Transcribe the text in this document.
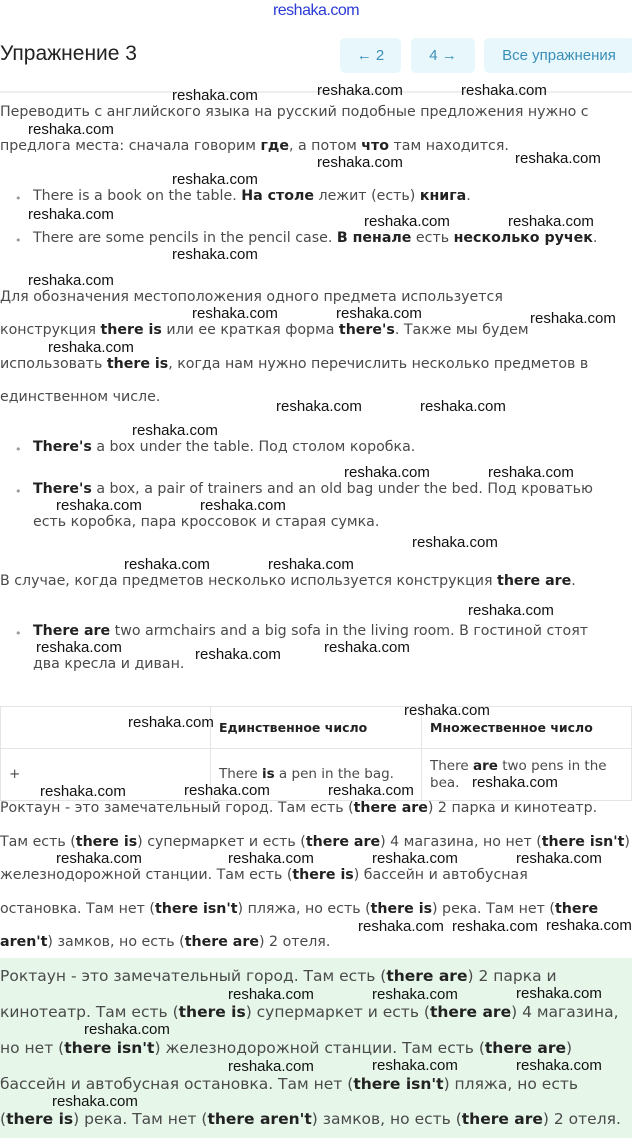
reshaka.com
Упражнение 3	← 2	4 →	Все упражнения
Переводить с английского языка на русский подобные предложения нужно с
предлога места: сначала говорим где, а потом что там находится.
• There is a book on the table. На столе лежит (есть) книга.
• There are some pencils in the pencil case. В пенале есть несколько ручек.
Для обозначения местоположения одного предмета используется
конструкция there is или ее краткая форма there's. Также мы будем
использовать there is, когда нам нужно перечислить несколько предметов в
единственном числе.
• There's a box under the table. Под столом коробка.
• There's a box, a pair of trainers and an old bag under the bed. Под кроватью
есть коробка, пара кроссовок и старая сумка.
В случае, когда предметов несколько используется конструкция there are.
• There are two armchairs and a big sofa in the living room. В гостиной стоят
два кресла и диван.
Роктаун - это замечательный город. Там есть (there are) 2 парка и кинотеатр.
Там есть (there is) супермаркет и есть (there are) 4 магазина, но нет (there isn't)
железнодорожной станции. Там есть (there is) бассейн и автобусная
остановка. Там нет (there isn't) пляжа, но есть (there is) река. Там нет (there
aren't) замков, но есть (there are) 2 отеля.
Роктаун - это замечательный город. Там есть (there are) 2 парка и
кинотеатр. Там есть (there is) супермаркет и есть (there are) 4 магазина,
но нет (there isn't) железнодорожной станции. Там есть (there are)
бассейн и автобусная остановка. Там нет (there isn't) пляжа, но есть
(there is) река. Там нет (there aren't) замков, но есть (there are) 2 отеля.
	Единственное число	Множественное число
+	There is a pen in the bag.	There are two pens in the bea.
reshaka.com	reshaka.com	reshaka.com
reshaka.com
reshaka.com	reshaka.com
reshaka.com
reshaka.com	reshaka.com	reshaka.com
reshaka.com
reshaka.com
reshaka.com	reshaka.com	reshaka.com
reshaka.com
reshaka.com	reshaka.com
reshaka.com
reshaka.com	reshaka.com
reshaka.com	reshaka.com
reshaka.com
reshaka.com	reshaka.com
reshaka.com
reshaka.com	reshaka.com	reshaka.com
reshaka.com
reshaka.com
reshaka.com	reshaka.com
reshaka.com	reshaka.com
reshaka.com	reshaka.com	reshaka.com	reshaka.com
reshaka.com reshaka.com reshaka.com
reshaka.com	reshaka.com	reshaka.com
reshaka.com
reshaka.com	reshaka.com	reshaka.com
reshaka.com
